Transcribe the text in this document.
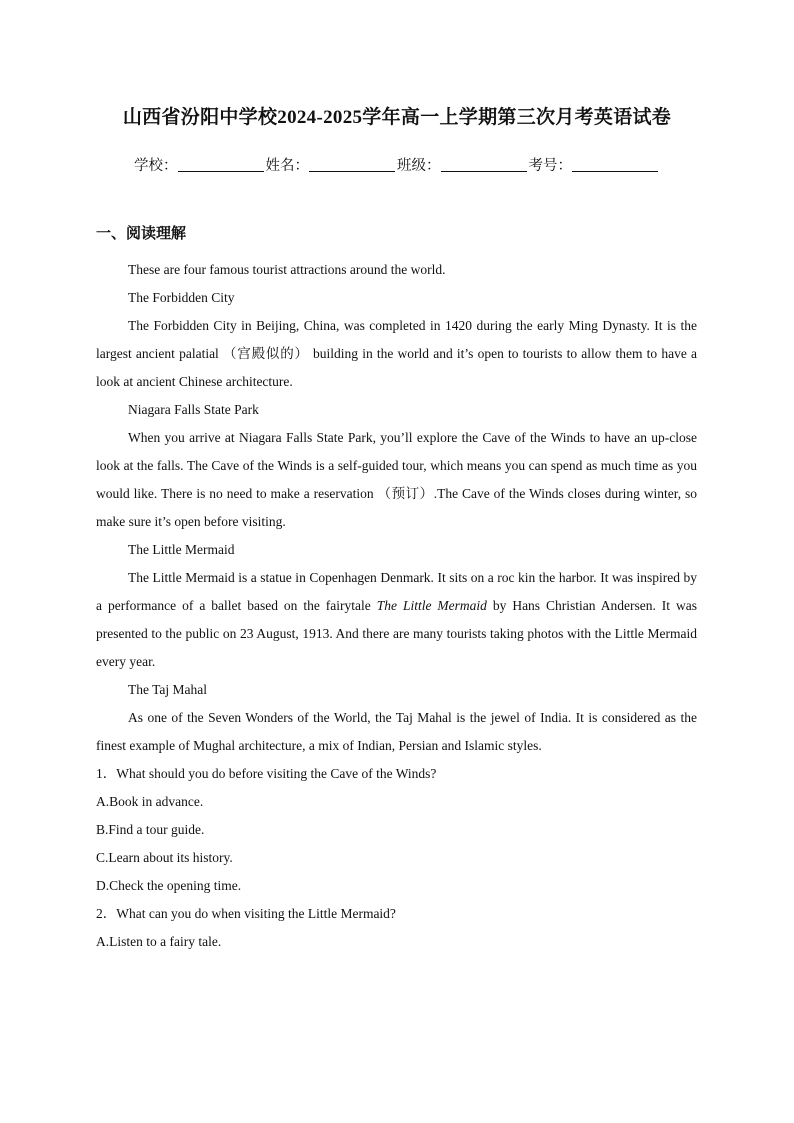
山西省汾阳中学校2024-2025学年高一上学期第三次月考英语试卷
学校：	姓名：	班级：	考号：
一、阅读理解

These are four famous tourist attractions around the world.

The Forbidden City

The Forbidden City in Beijing, China, was completed in 1420 during the early Ming Dynasty. It is the largest ancient palatial （宫殿似的） building in the world and it’s open to tourists to allow them to have a look at ancient Chinese architecture.

Niagara Falls State Park

When you arrive at Niagara Falls State Park, you’ll explore the Cave of the Winds to have an up-close look at the falls. The Cave of the Winds is a self-guided tour, which means you can spend as much time as you would like. There is no need to make a reservation （预订）.The Cave of the Winds closes during winter, so make sure it’s open before visiting.

The Little Mermaid

The Little Mermaid is a statue in Copenhagen Denmark. It sits on a roc kin the harbor. It was inspired by a performance of a ballet based on the fairytale The Little Mermaid by Hans Christian Andersen. It was presented to the public on 23 August, 1913. And there are many tourists taking photos with the Little Mermaid every year.

The Taj Mahal

As one of the Seven Wonders of the World, the Taj Mahal is the jewel of India. It is considered as the finest example of Mughal architecture, a mix of Indian, Persian and Islamic styles.

1．What should you do before visiting the Cave of the Winds?

A.Book in advance.

B.Find a tour guide.

C.Learn about its history.

D.Check the opening time.

2．What can you do when visiting the Little Mermaid?

A.Listen to a fairy tale.
